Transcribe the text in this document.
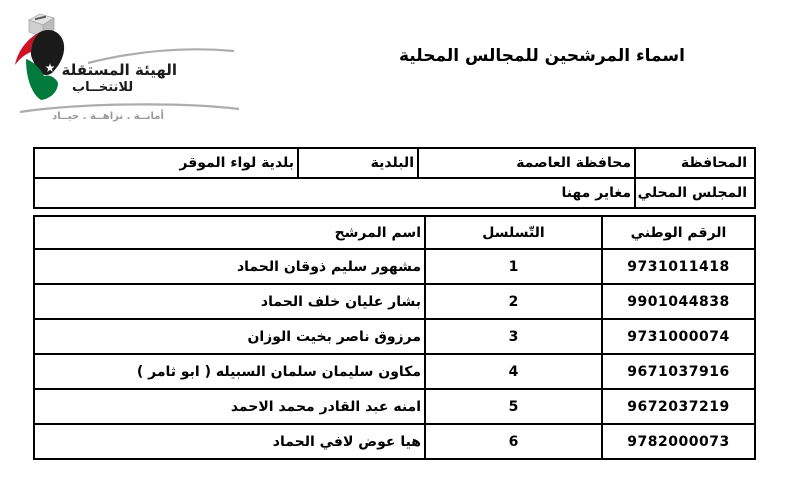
الهيئة المستقلة
للانتخــاب
أمانــة . نزاهــة . حيــاد
اسماء المرشحين للمجالس المحلية
المحافظة	محافظة العاصمة	البلدية	بلدية لواء الموقر
المجلس المحلي	مغاير مهنا		
الرقم الوطني	التّسلسل	اسم المرشح
9731011418	1	مشهور سليم ذوقان الحماد
9901044838	2	بشار عليان خلف الحماد
9731000074	3	مرزوق ناصر بخيت الوزان
9671037916	4	مكاون سليمان سلمان السبيله ( ابو ثامر )
9672037219	5	امنه عبد القادر محمد الاحمد
9782000073	6	هيا عوض لافي الحماد
